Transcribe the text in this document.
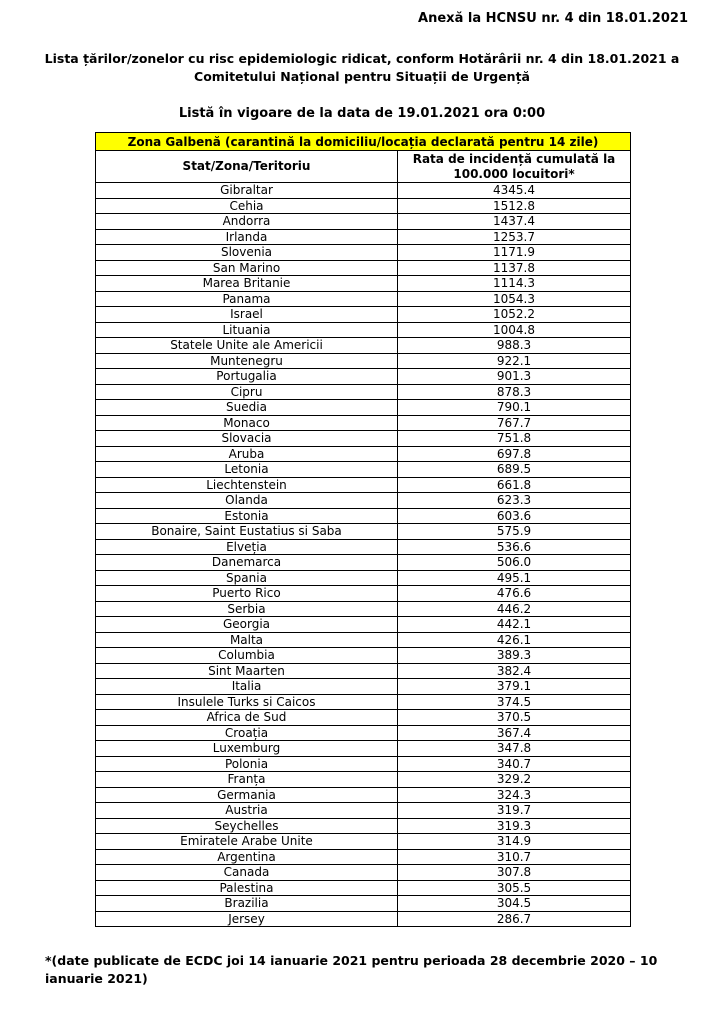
Anexă la HCNSU nr. 4 din 18.01.2021
Lista țărilor/zonelor cu risc epidemiologic ridicat, conform Hotărârii nr. 4 din 18.01.2021 a
Comitetului Național pentru Situații de Urgență
Listă în vigoare de la data de 19.01.2021 ora 0:00
Zona Galbenă (carantină la domiciliu/locația declarată pentru 14 zile)	
Stat/Zona/Teritoriu	Rata de incidență cumulată la 100.000 locuitori*
Gibraltar	4345.4
Cehia	1512.8
Andorra	1437.4
Irlanda	1253.7
Slovenia	1171.9
San Marino	1137.8
Marea Britanie	1114.3
Panama	1054.3
Israel	1052.2
Lituania	1004.8
Statele Unite ale Americii	988.3
Muntenegru	922.1
Portugalia	901.3
Cipru	878.3
Suedia	790.1
Monaco	767.7
Slovacia	751.8
Aruba	697.8
Letonia	689.5
Liechtenstein	661.8
Olanda	623.3
Estonia	603.6
Bonaire, Saint Eustatius si Saba	575.9
Elveția	536.6
Danemarca	506.0
Spania	495.1
Puerto Rico	476.6
Serbia	446.2
Georgia	442.1
Malta	426.1
Columbia	389.3
Sint Maarten	382.4
Italia	379.1
Insulele Turks si Caicos	374.5
Africa de Sud	370.5
Croația	367.4
Luxemburg	347.8
Polonia	340.7
Franța	329.2
Germania	324.3
Austria	319.7
Seychelles	319.3
Emiratele Arabe Unite	314.9
Argentina	310.7
Canada	307.8
Palestina	305.5
Brazilia	304.5
Jersey	286.7
*(date publicate de ECDC joi 14 ianuarie 2021 pentru perioada 28 decembrie 2020 – 10 ianuarie 2021)
